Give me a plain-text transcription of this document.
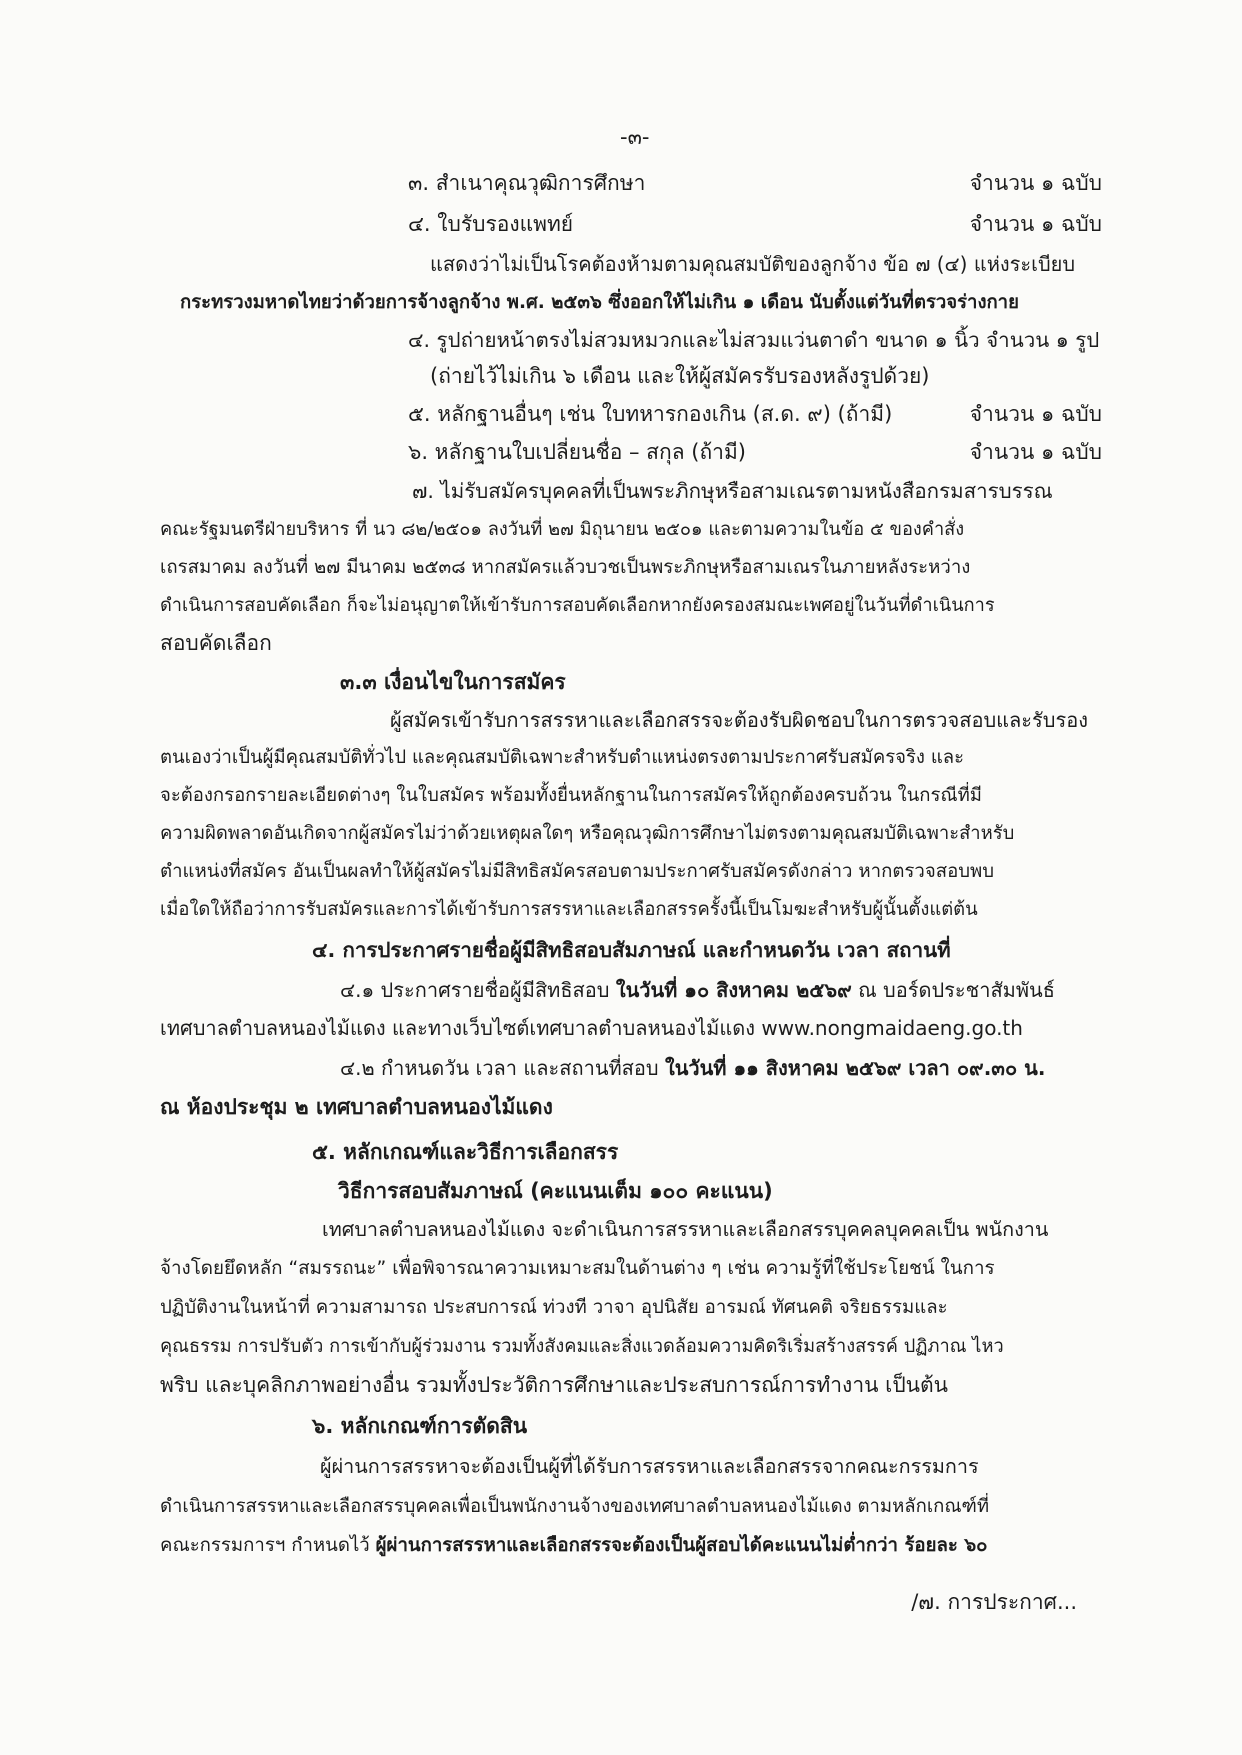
-๓-
๓. สำเนาคุณวุฒิการศึกษา	จำนวน ๑ ฉบับ
๔. ใบรับรองแพทย์	จำนวน ๑ ฉบับ
แสดงว่าไม่เป็นโรคต้องห้ามตามคุณสมบัติของลูกจ้าง ข้อ ๗ (๔) แห่งระเบียบ
กระทรวงมหาดไทยว่าด้วยการจ้างลูกจ้าง พ.ศ. ๒๕๓๖ ซึ่งออกให้ไม่เกิน ๑ เดือน นับตั้งแต่วันที่ตรวจร่างกาย
๔. รูปถ่ายหน้าตรงไม่สวมหมวกและไม่สวมแว่นตาดำ ขนาด ๑ นิ้ว จำนวน ๑ รูป
(ถ่ายไว้ไม่เกิน ๖ เดือน และให้ผู้สมัครรับรองหลังรูปด้วย)
๕. หลักฐานอื่นๆ เช่น ใบทหารกองเกิน (ส.ด. ๙) (ถ้ามี)	จำนวน ๑ ฉบับ
๖. หลักฐานใบเปลี่ยนชื่อ – สกุล (ถ้ามี)	จำนวน ๑ ฉบับ
๗. ไม่รับสมัครบุคคลที่เป็นพระภิกษุหรือสามเณรตามหนังสือกรมสารบรรณ
คณะรัฐมนตรีฝ่ายบริหาร ที่ นว ๘๒/๒๕๐๑ ลงวันที่ ๒๗ มิถุนายน ๒๕๐๑ และตามความในข้อ ๕ ของคำสั่ง
เถรสมาคม ลงวันที่ ๒๗ มีนาคม ๒๕๓๘ หากสมัครแล้วบวชเป็นพระภิกษุหรือสามเณรในภายหลังระหว่าง
ดำเนินการสอบคัดเลือก ก็จะไม่อนุญาตให้เข้ารับการสอบคัดเลือกหากยังครองสมณะเพศอยู่ในวันที่ดำเนินการ
สอบคัดเลือก
๓.๓ เงื่อนไขในการสมัคร
ผู้สมัครเข้ารับการสรรหาและเลือกสรรจะต้องรับผิดชอบในการตรวจสอบและรับรอง
ตนเองว่าเป็นผู้มีคุณสมบัติทั่วไป และคุณสมบัติเฉพาะสำหรับตำแหน่งตรงตามประกาศรับสมัครจริง และ
จะต้องกรอกรายละเอียดต่างๆ ในใบสมัคร พร้อมทั้งยื่นหลักฐานในการสมัครให้ถูกต้องครบถ้วน ในกรณีที่มี
ความผิดพลาดอันเกิดจากผู้สมัครไม่ว่าด้วยเหตุผลใดๆ หรือคุณวุฒิการศึกษาไม่ตรงตามคุณสมบัติเฉพาะสำหรับ
ตำแหน่งที่สมัคร อันเป็นผลทำให้ผู้สมัครไม่มีสิทธิสมัครสอบตามประกาศรับสมัครดังกล่าว หากตรวจสอบพบ
เมื่อใดให้ถือว่าการรับสมัครและการได้เข้ารับการสรรหาและเลือกสรรครั้งนี้เป็นโมฆะสำหรับผู้นั้นตั้งแต่ต้น
๔. การประกาศรายชื่อผู้มีสิทธิสอบสัมภาษณ์ และกำหนดวัน เวลา สถานที่
๔.๑ ประกาศรายชื่อผู้มีสิทธิสอบ ในวันที่ ๑๐ สิงหาคม ๒๕๖๙ ณ บอร์ดประชาสัมพันธ์
เทศบาลตำบลหนองไม้แดง และทางเว็บไซต์เทศบาลตำบลหนองไม้แดง www.nongmaidaeng.go.th
๔.๒ กำหนดวัน เวลา และสถานที่สอบ ในวันที่ ๑๑ สิงหาคม ๒๕๖๙ เวลา ๐๙.๓๐ น.
ณ ห้องประชุม ๒ เทศบาลตำบลหนองไม้แดง
๕. หลักเกณฑ์และวิธีการเลือกสรร
วิธีการสอบสัมภาษณ์ (คะแนนเต็ม ๑๐๐ คะแนน)
เทศบาลตำบลหนองไม้แดง จะดำเนินการสรรหาและเลือกสรรบุคคลบุคคลเป็น พนักงาน
จ้างโดยยึดหลัก “สมรรถนะ” เพื่อพิจารณาความเหมาะสมในด้านต่าง ๆ เช่น ความรู้ที่ใช้ประโยชน์ ในการ
ปฏิบัติงานในหน้าที่ ความสามารถ ประสบการณ์ ท่วงที วาจา อุปนิสัย อารมณ์ ทัศนคติ จริยธรรมและ
คุณธรรม การปรับตัว การเข้ากับผู้ร่วมงาน รวมทั้งสังคมและสิ่งแวดล้อมความคิดริเริ่มสร้างสรรค์ ปฏิภาณ ไหว
พริบ และบุคลิกภาพอย่างอื่น รวมทั้งประวัติการศึกษาและประสบการณ์การทำงาน เป็นต้น
๖. หลักเกณฑ์การตัดสิน
ผู้ผ่านการสรรหาจะต้องเป็นผู้ที่ได้รับการสรรหาและเลือกสรรจากคณะกรรมการ
ดำเนินการสรรหาและเลือกสรรบุคคลเพื่อเป็นพนักงานจ้างของเทศบาลตำบลหนองไม้แดง ตามหลักเกณฑ์ที่
คณะกรรมการฯ กำหนดไว้ ผู้ผ่านการสรรหาและเลือกสรรจะต้องเป็นผู้สอบได้คะแนนไม่ต่ำกว่า ร้อยละ ๖๐
/๗. การประกาศ...
